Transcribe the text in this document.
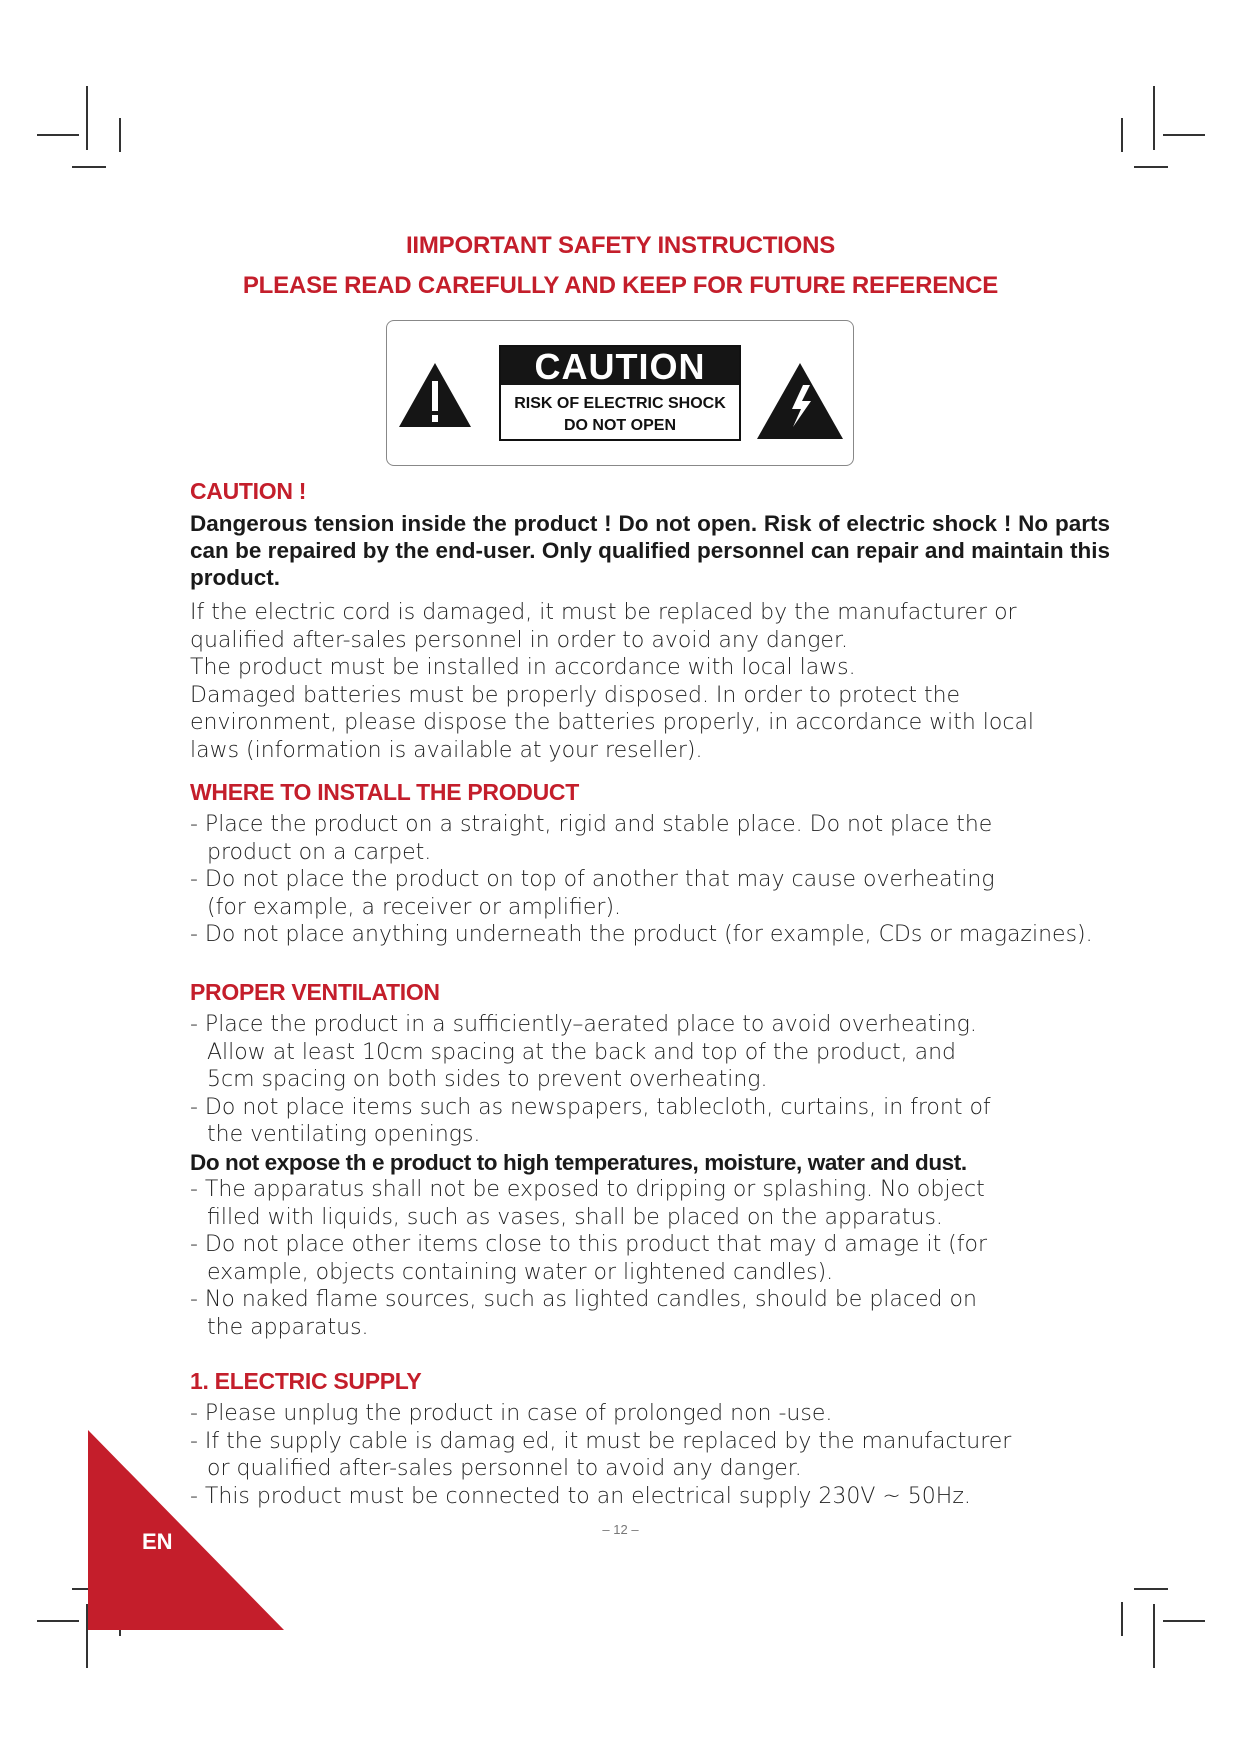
IIMPORTANT SAFETY INSTRUCTIONS
PLEASE READ CAREFULLY AND KEEP FOR FUTURE REFERENCE
CAUTION
RISK OF ELECTRIC SHOCK
DO NOT OPEN
CAUTION !

Dangerous tension inside the product ! Do not open. Risk of electric shock ! No parts can be repaired by the end-user. Only qualified personnel can repair and maintain this product.

If the electric cord is damaged, it must be replaced by the manufacturer or
qualified after-sales personnel in order to avoid any danger.
The product must be installed in accordance with local laws.
Damaged batteries must be properly disposed. In order to protect the
environment, please dispose the batteries properly, in accordance with local
laws (information is available at your reseller).

WHERE TO INSTALL THE PRODUCT

- Place the product on a straight, rigid and stable place. Do not place the
product on a carpet.
- Do not place the product on top of another that may cause overheating
(for example, a receiver or amplifier).
- Do not place anything underneath the product (for example, CDs or magazines).

PROPER VENTILATION

- Place the product in a sufficiently–aerated place to avoid overheating.
Allow at least 10cm spacing at the back and top of the product, and
5cm spacing on both sides to prevent overheating.
- Do not place items such as newspapers, tablecloth, curtains, in front of
the ventilating openings.

Do not expose th e product to high temperatures, moisture, water and dust.

- The apparatus shall not be exposed to dripping or splashing. No object
filled with liquids, such as vases, shall be placed on the apparatus.
- Do not place other items close to this product that may d amage it (for
example, objects containing water or lightened candles).
- No naked flame sources, such as lighted candles, should be placed on
the apparatus.

1. ELECTRIC SUPPLY

- Please unplug the product in case of prolonged non -use.
- If the supply cable is damag ed, it must be replaced by the manufacturer
or qualified after-sales personnel to avoid any danger.
- This product must be connected to an electrical supply 230V ~ 50Hz.

– 12 –
EN
